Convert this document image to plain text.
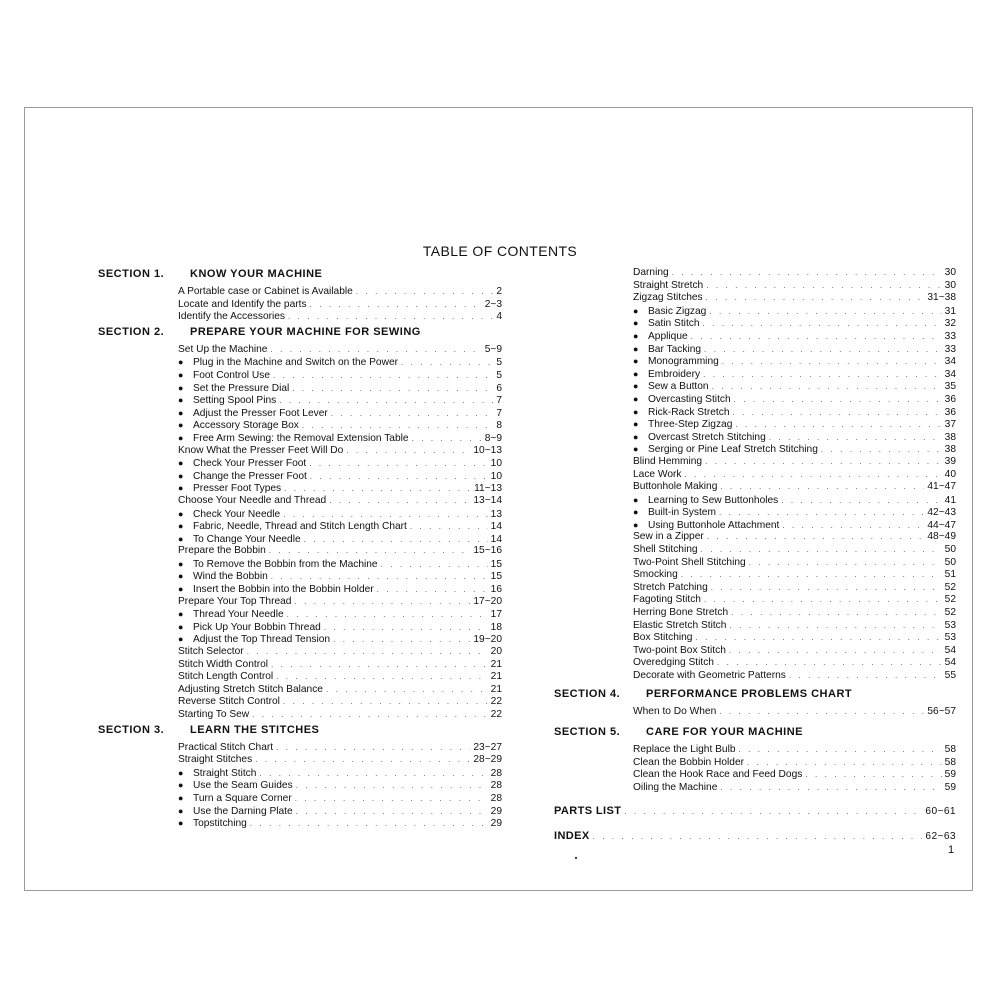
TABLE OF CONTENTS
SECTION 1. KNOW YOUR MACHINE
A Portable case or Cabinet is Available . . .	2
Locate and Identify the parts . . .	2~3
Identify the Accessories . . .	4
SECTION 2. PREPARE YOUR MACHINE FOR SEWING
Set Up the Machine . . .	5~9
● Plug in the Machine and Switch on the Power . . .	5
● Foot Control Use . . .	5
● Set the Pressure Dial . . .	6
● Setting Spool Pins . . .	7
● Adjust the Presser Foot Lever . . .	7
● Accessory Storage Box . . .	8
● Free Arm Sewing: the Removal Extension Table . . .	8~9
Know What the Presser Feet Will Do . . .	10~13
● Check Your Presser Foot . . .	10
● Change the Presser Foot . . .	10
● Presser Foot Types . . .	11~13
Choose Your Needle and Thread . . .	13~14
● Check Your Needle . . .	13
● Fabric, Needle, Thread and Stitch Length Chart . . .	14
● To Change Your Needle . . .	14
Prepare the Bobbin . . .	15~16
● To Remove the Bobbin from the Machine . . .	15
● Wind the Bobbin . . .	15
● Insert the Bobbin into the Bobbin Holder . . .	16
Prepare Your Top Thread . . .	17~20
● Thread Your Needle . . .	17
● Pick Up Your Bobbin Thread . . .	18
● Adjust the Top Thread Tension . . .	19~20
Stitch Selector . . .	20
Stitch Width Control . . .	21
Stitch Length Control . . .	21
Adjusting Stretch Stitch Balance . . .	21
Reverse Stitch Control . . .	22
Starting To Sew . . .	22
SECTION 3. LEARN THE STITCHES
Practical Stitch Chart . . .	23~27
Straight Stitches . . .	28~29
● Straight Stitch . . .	28
● Use the Seam Guides . . .	28
● Turn a Square Corner . . .	28
● Use the Darning Plate . . .	29
● Topstitching . . .	29
Darning . . .	30
Straight Stretch . . .	30
Zigzag Stitches . . .	31~38
● Basic Zigzag . . .	31
● Satin Stitch . . .	32
● Applique . . .	33
● Bar Tacking . . .	33
● Monogramming . . .	34
● Embroidery . . .	34
● Sew a Button . . .	35
● Overcasting Stitch . . .	36
● Rick-Rack Stretch . . .	36
● Three-Step Zigzag . . .	37
● Overcast Stretch Stitching . . .	38
● Serging or Pine Leaf Stretch Stitching . . .	38
Blind Hemming . . .	39
Lace Work . . .	40
Buttonhole Making . . .	41~47
● Learning to Sew Buttonholes . . .	41
● Built-in System . . .	42~43
● Using Buttonhole Attachment . . .	44~47
Sew in a Zipper . . .	48~49
Shell Stitching . . .	50
Two-Point Shell Stitching . . .	50
Smocking . . .	51
Stretch Patching . . .	52
Fagoting Stitch . . .	52
Herring Bone Stretch . . .	52
Elastic Stretch Stitch . . .	53
Box Stitching . . .	53
Two-point Box Stitch . . .	54
Overedging Stitch . . .	54
Decorate with Geometric Patterns . . .	55
SECTION 4. PERFORMANCE PROBLEMS CHART
When to Do When . . .	56~57
SECTION 5. CARE FOR YOUR MACHINE
Replace the Light Bulb . . .	58
Clean the Bobbin Holder . . .	58
Clean the Hook Race and Feed Dogs . . .	59
Oiling the Machine . . .	59
PARTS LIST . . .	60~61
INDEX . . .	62~63
1
